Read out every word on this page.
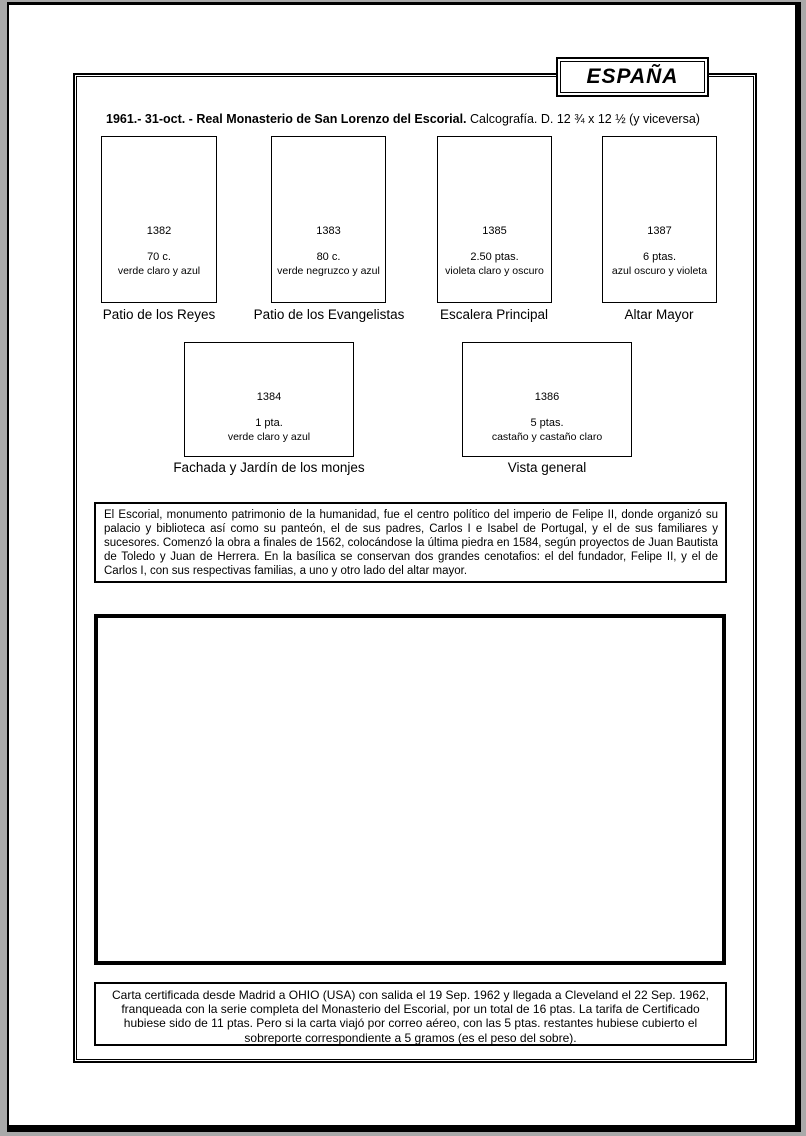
ESPAÑA
1961.- 31-oct. - Real Monasterio de San Lorenzo del Escorial. Calcografía. D. 12 ¾ x 12 ½ (y viceversa)
1382
70 c.
verde claro y azul
1383
80 c.
verde negruzco y azul
1385
2.50 ptas.
violeta claro y oscuro
1387
6 ptas.
azul oscuro y violeta
Patio de los Reyes	Patio de los Evangelistas	Escalera Principal	Altar Mayor
1384
1 pta.
verde claro y azul
1386
5 ptas.
castaño y castaño claro
Fachada y Jardín de los monjes	Vista general
El Escorial, monumento patrimonio de la humanidad, fue el centro político del imperio de Felipe II, donde organizó su palacio y biblioteca así como su panteón, el de sus padres, Carlos I e Isabel de Portugal, y el de sus familiares y sucesores. Comenzó la obra a finales de 1562, colocándose la última piedra en 1584, según proyectos de Juan Bautista de Toledo y Juan de Herrera. En la basílica se conservan dos grandes cenotafios: el del fundador, Felipe II, y el de Carlos I, con sus respectivas familias, a uno y otro lado del altar mayor.
Carta certificada desde Madrid a OHIO (USA) con salida el 19 Sep. 1962 y llegada a Cleveland el 22 Sep. 1962, franqueada con la serie completa del Monasterio del Escorial, por un total de 16 ptas. La tarifa de Certificado hubiese sido de 11 ptas. Pero si la carta viajó por correo aéreo, con las 5 ptas. restantes hubiese cubierto el sobreporte correspondiente a 5 gramos (es el peso del sobre).
